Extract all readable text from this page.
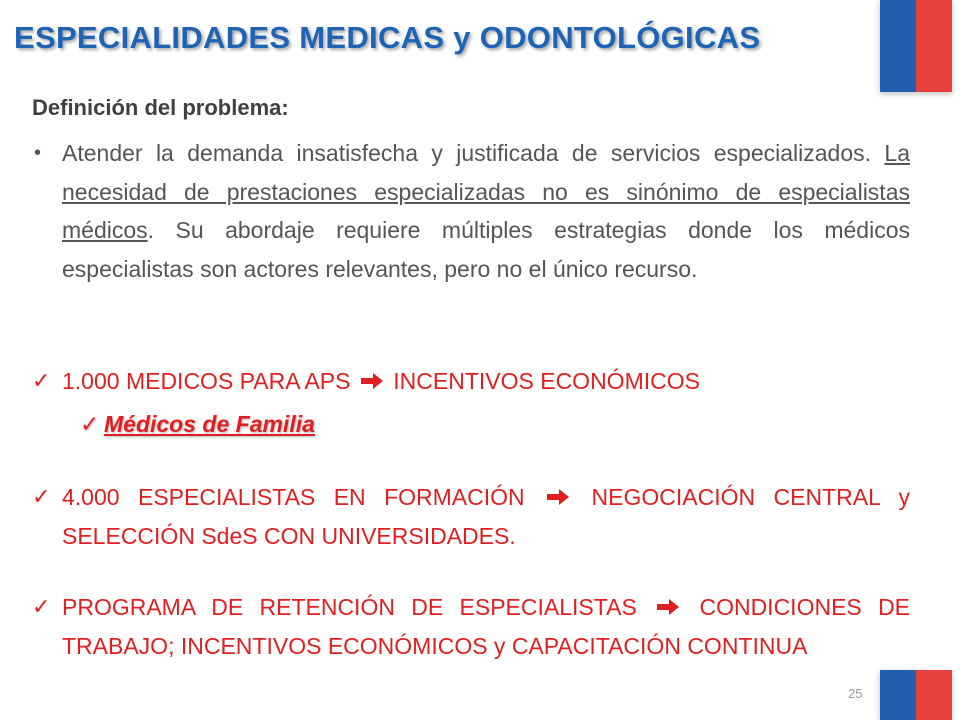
ESPECIALIDADES MEDICAS y ODONTOLÓGICAS
Definición del problema:
• Atender la demanda insatisfecha y justificada de servicios especializados. La necesidad de prestaciones especializadas no es sinónimo de especialistas médicos. Su abordaje requiere múltiples estrategias donde los médicos especialistas son actores relevantes, pero no el único recurso.
✓ 1.000 MEDICOS PARA APS INCENTIVOS ECONÓMICOS
✓ Médicos de Familia
✓ 4.000 ESPECIALISTAS EN FORMACIÓN	NEGOCIACIÓN CENTRAL y SELECCIÓN SdeS CON UNIVERSIDADES.
✓ PROGRAMA DE RETENCIÓN DE ESPECIALISTAS	CONDICIONES DE TRABAJO; INCENTIVOS ECONÓMICOS y CAPACITACIÓN CONTINUA
25
